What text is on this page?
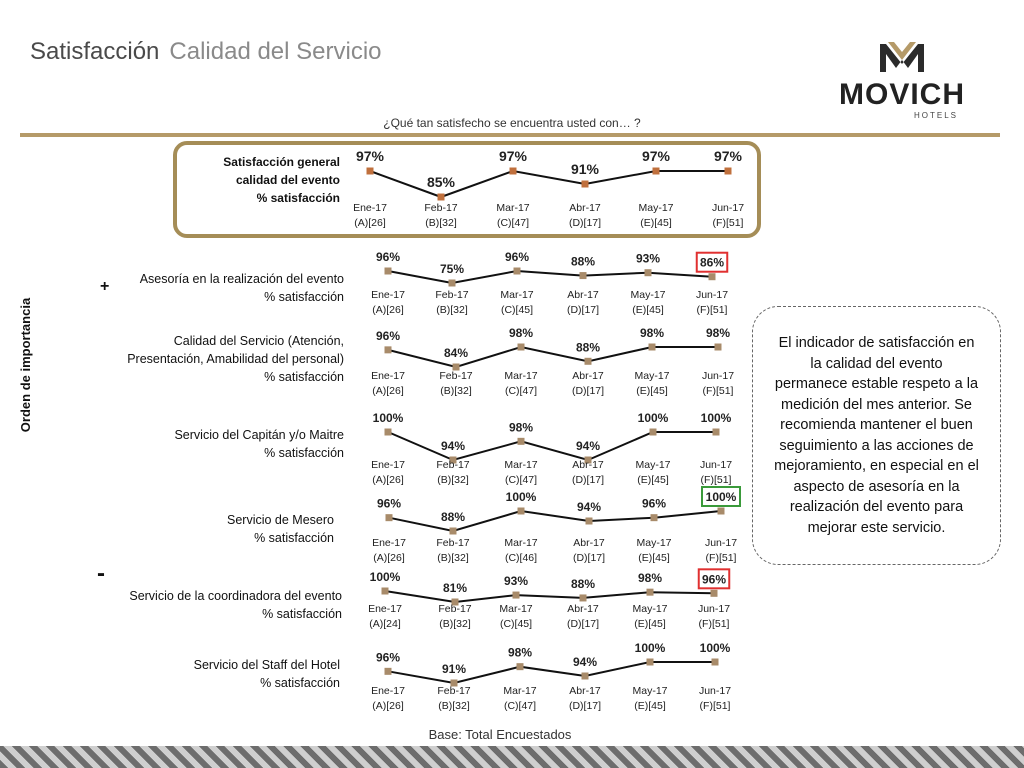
Satisfacción Calidad del Servicio
MOVICH
HOTELS
¿Qué tan satisfecho se encuentra usted con… ?
Satisfacción general
calidad del evento
% satisfacción
Asesoría en la realización del evento
% satisfacción
Calidad del Servicio (Atención,
Presentación, Amabilidad del personal)
% satisfacción
Servicio del Capitán y/o Maitre
% satisfacción
Servicio de Mesero
% satisfacción
Servicio de la coordinadora del evento
% satisfacción
Servicio del Staff del Hotel
% satisfacción
Orden de importancia
+
-
97%
Ene-17
(A)[26]
85%
Feb-17
(B)[32]
97%
Mar-17
(C)[47]
91%
Abr-17
(D)[17]
97%
May-17
(E)[45]
97%
Jun-17
(F)[51]
96%
Ene-17
(A)[26]
75%
Feb-17
(B)[32]
96%
Mar-17
(C)[45]
88%
Abr-17
(D)[17]
93%
May-17
(E)[45]
86%
Jun-17
(F)[51]
96%
Ene-17
(A)[26]
84%
Feb-17
(B)[32]
98%
Mar-17
(C)[47]
88%
Abr-17
(D)[17]
98%
May-17
(E)[45]
98%
Jun-17
(F)[51]
100%
Ene-17
(A)[26]
94%
Feb-17
(B)[32]
98%
Mar-17
(C)[47]
94%
Abr-17
(D)[17]
100%
May-17
(E)[45]
100%
Jun-17
(F)[51]
96%
Ene-17
(A)[26]
88%
Feb-17
(B)[32]
100%
Mar-17
(C)[46]
94%
Abr-17
(D)[17]
96%
May-17
(E)[45]
100%
Jun-17
(F)[51]
100%
Ene-17
(A)[24]
81%
Feb-17
(B)[32]
93%
Mar-17
(C)[45]
88%
Abr-17
(D)[17]
98%
May-17
(E)[45]
96%
Jun-17
(F)[51]
96%
Ene-17
(A)[26]
91%
Feb-17
(B)[32]
98%
Mar-17
(C)[47]
94%
Abr-17
(D)[17]
100%
May-17
(E)[45]
100%
Jun-17
(F)[51]
El indicador de satisfacción en la calidad del evento permanece estable respeto a la medición del mes anterior. Se recomienda mantener el buen seguimiento a las acciones de mejoramiento, en especial en el aspecto de asesoría en la realización del evento para mejorar este servicio.
Base: Total Encuestados
